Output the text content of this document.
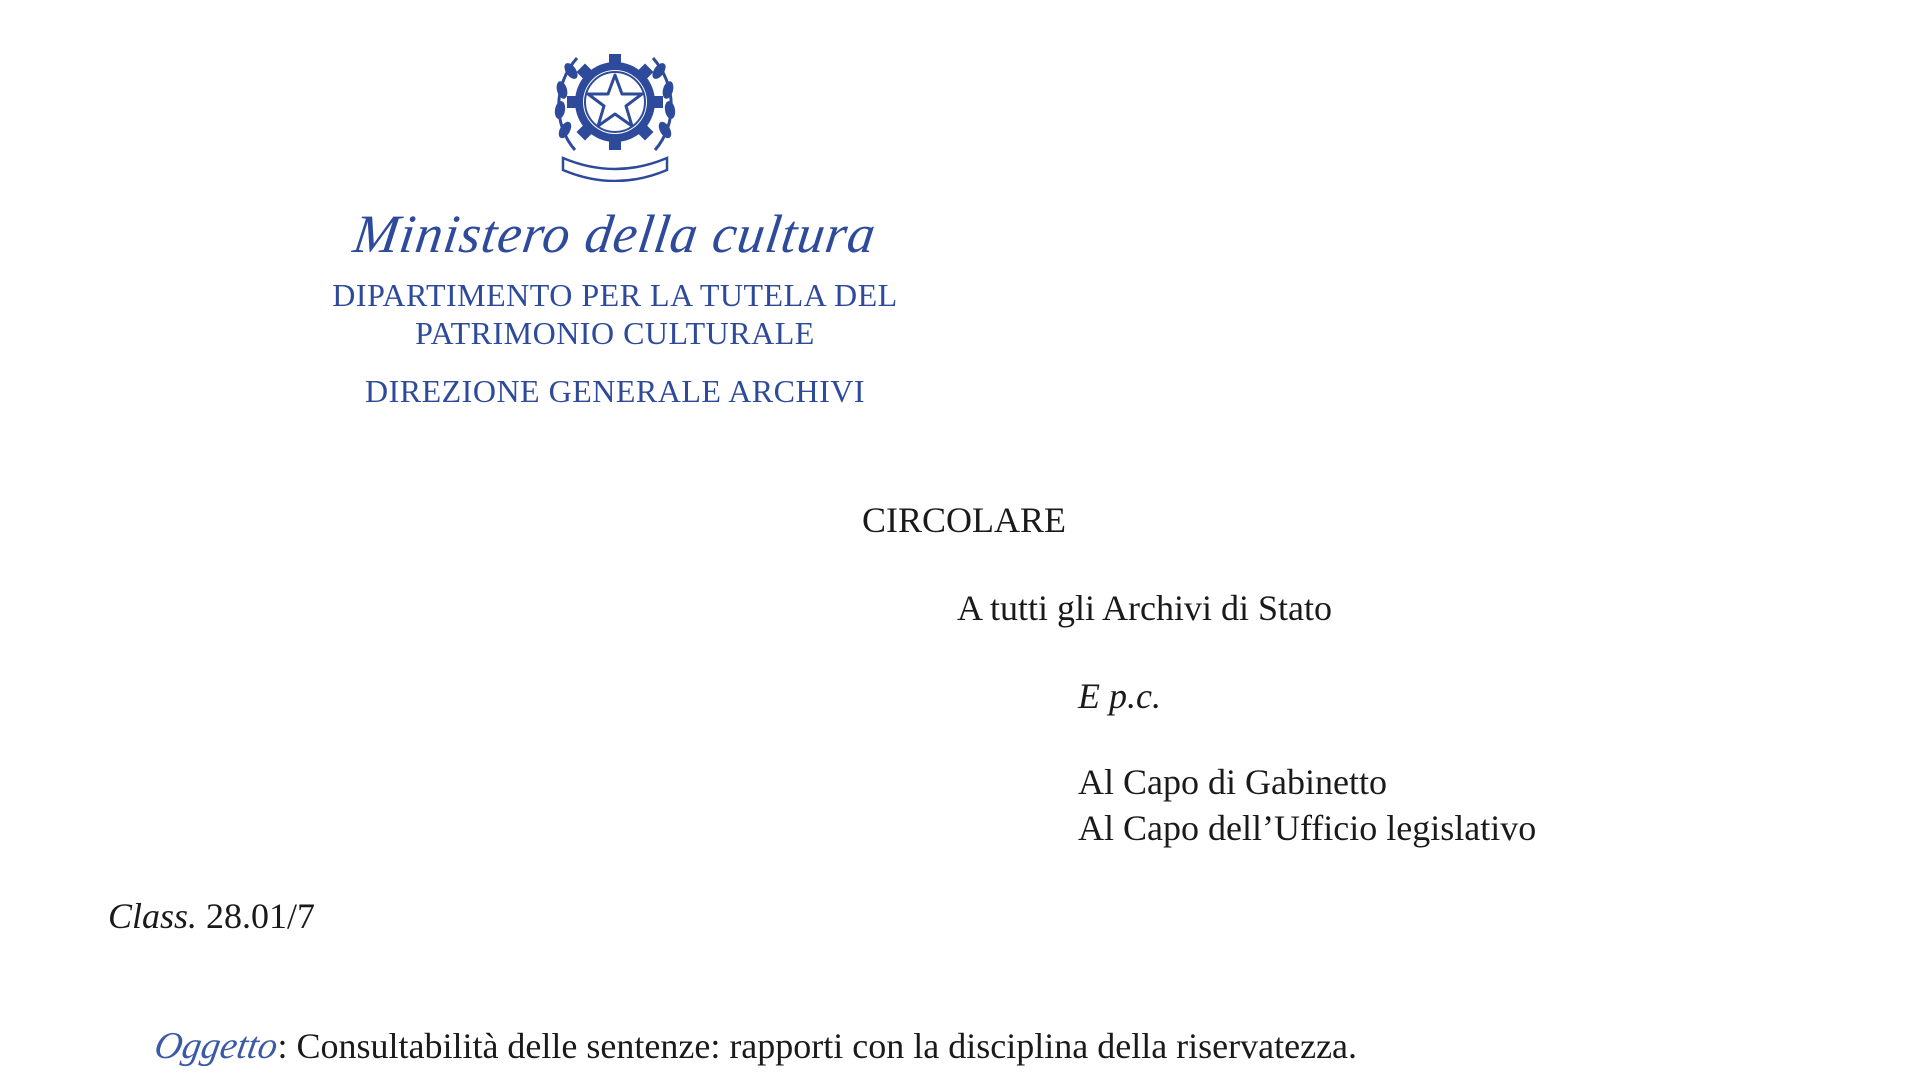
Ministero della cultura
DIPARTIMENTO PER LA TUTELA DEL
PATRIMONIO CULTURALE
DIREZIONE GENERALE ARCHIVI
CIRCOLARE
A tutti gli Archivi di Stato
E p.c.
Al Capo di Gabinetto
Al Capo dell’Ufficio legislativo
Class. 28.01/7
Oggetto: Consultabilità delle sentenze: rapporti con la disciplina della riservatezza.
